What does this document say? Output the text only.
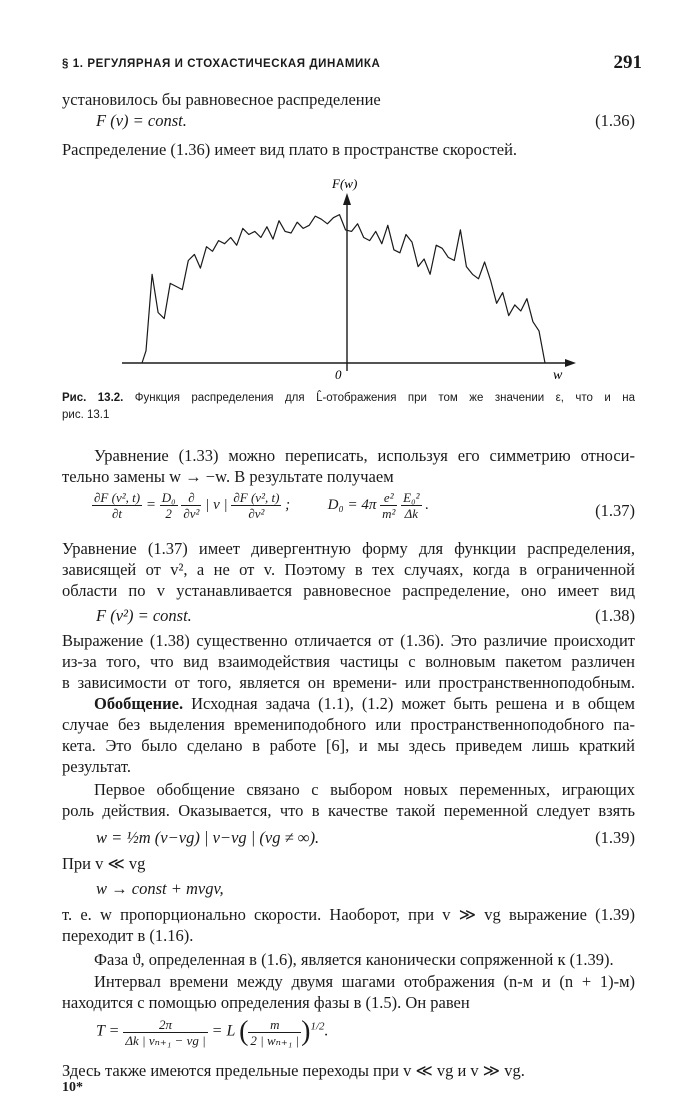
§ 1. РЕГУЛЯРНАЯ И СТОХАСТИЧЕСКАЯ ДИНАМИКА	291
установилось бы равновесное распределение
F (v) = const.	(1.36)
Распределение (1.36) имеет вид плато в пространстве скоростей.
F(w)
0	w
Рис. 13.2. Функция распределения для L̂-отображения при том же значении ε, что и на
рис. 13.1
Уравнение (1.33) можно переписать, используя его симметрию относи-
тельно замены w → −w. В результате получаем
$\frac{\text{∂F (v², t)}}{\partial t} = \frac{\text{D₀}}{2}$
$\frac{\partial}{\text{∂v²}}$ | v | $\frac{\text{∂F (v², t)}}{\text{∂v²}}$ ;	$D_0 = 4\pi \frac{\text{e²}}{\text{m²}}$
$\frac{\text{E₀²}}{\Delta k}$ .	(1.37)
Уравнение (1.37) имеет дивергентную форму для функции распределения,
зависящей от v², а не от v. Поэтому в тех случаях, когда в ограниченной
области по v устанавливается равновесное распределение, оно имеет вид
F (v²) = const.	(1.38)
Выражение (1.38) существенно отличается от (1.36). Это различие происходит
из-за того, что вид взаимодействия частицы с волновым пакетом различен
в зависимости от того, является он времени- или пространственноподобным.
Обобщение. Исходная задача (1.1), (1.2) может быть решена и в общем
случае без выделения времениподобного или пространственноподобного па-
кета. Это было сделано в работе [6], и мы здесь приведем лишь краткий
результат.
Первое обобщение связано с выбором новых переменных, играющих
роль действия. Оказывается, что в качестве такой переменной следует взять
w = ½m (v−vg) | v−vg | (vg ≠ ∞).	(1.39)
При v ≪ vg
w → const + mvgv,
т. е. w пропорционально скорости. Наоборот, при v ≫ vg выражение (1.39)
переходит в (1.16).
Фаза ϑ, определенная в (1.6), является канонически сопряженной к (1.39).
Интервал времени между двумя шагами отображения (n-м и (n + 1)-м)
находится с помощью определения фазы в (1.5). Он равен
$T = \frac{2\pi}{\text{Δk | vₙ₊₁ − vg |}} = L$ ( $\frac{m}{\text{2 | wₙ₊₁ |}} )^{1/2}$.
Здесь также имеются предельные переходы при v ≪ vg и v ≫ vg.
10*
